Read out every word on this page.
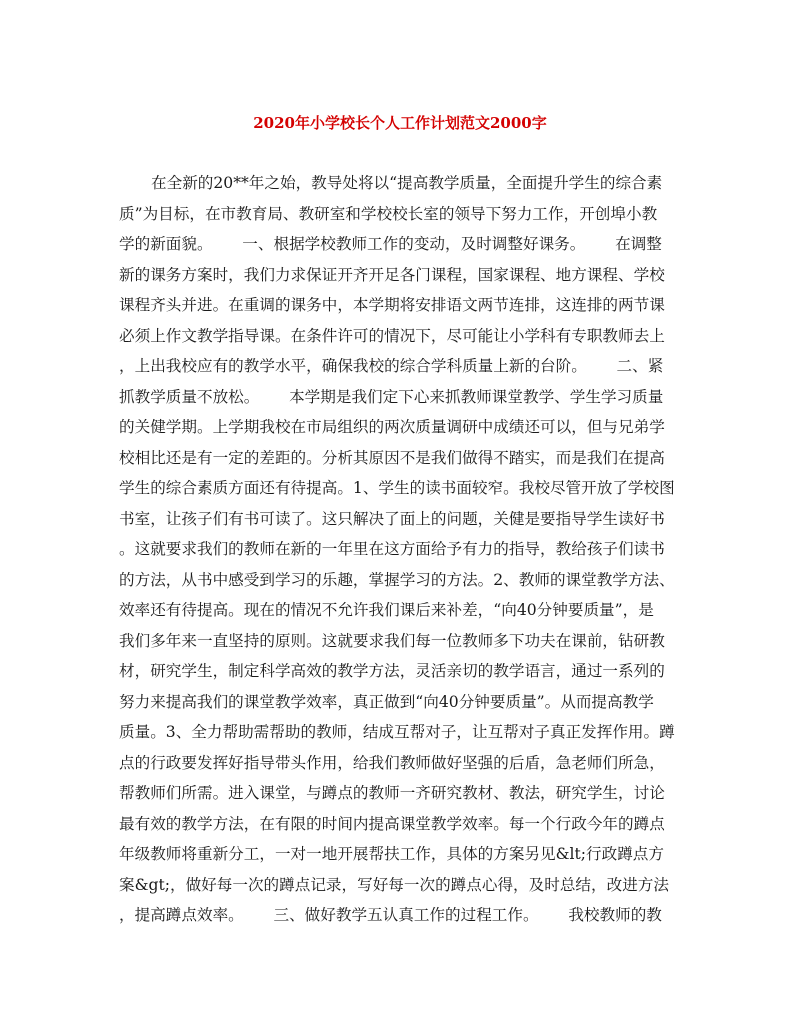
2020年小学校长个人工作计划范文2000字
在全新的20**年之始，教导处将以“提高教学质量，全面提升学生的综合素
质”为目标，在市教育局、教研室和学校校长室的领导下努力工作，开创埠小教
学的新面貌。      一、根据学校教师工作的变动，及时调整好课务。      在调整
新的课务方案时，我们力求保证开齐开足各门课程，国家课程、地方课程、学校
课程齐头并进。在重调的课务中，本学期将安排语文两节连排，这连排的两节课
必须上作文教学指导课。在条件许可的情况下，尽可能让小学科有专职教师去上
，上出我校应有的教学水平，确保我校的综合学科质量上新的台阶。      二、紧
抓教学质量不放松。      本学期是我们定下心来抓教师课堂教学、学生学习质量
的关健学期。上学期我校在市局组织的两次质量调研中成绩还可以，但与兄弟学
校相比还是有一定的差距的。分析其原因不是我们做得不踏实，而是我们在提高
学生的综合素质方面还有待提高。1、学生的读书面较窄。我校尽管开放了学校图
书室，让孩子们有书可读了。这只解决了面上的问题，关健是要指导学生读好书
。这就要求我们的教师在新的一年里在这方面给予有力的指导，教给孩子们读书
的方法，从书中感受到学习的乐趣，掌握学习的方法。2、教师的课堂教学方法、
效率还有待提高。现在的情况不允许我们课后来补差，“向40分钟要质量”，是
我们多年来一直坚持的原则。这就要求我们每一位教师多下功夫在课前，钻研教
材，研究学生，制定科学高效的教学方法，灵活亲切的教学语言，通过一系列的
努力来提高我们的课堂教学效率，真正做到“向40分钟要质量”。从而提高教学
质量。3、全力帮助需帮助的教师，结成互帮对子，让互帮对子真正发挥作用。蹲
点的行政要发挥好指导带头作用，给我们教师做好坚强的后盾，急老师们所急，
帮教师们所需。进入课堂，与蹲点的教师一齐研究教材、教法，研究学生，讨论
最有效的教学方法，在有限的时间内提高课堂教学效率。每一个行政今年的蹲点
年级教师将重新分工，一对一地开展帮扶工作，具体的方案另见&lt;行政蹲点方
案&gt;，做好每一次的蹲点记录，写好每一次的蹲点心得，及时总结，改进方法
，提高蹲点效率。      三、做好教学五认真工作的过程工作。      我校教师的教
